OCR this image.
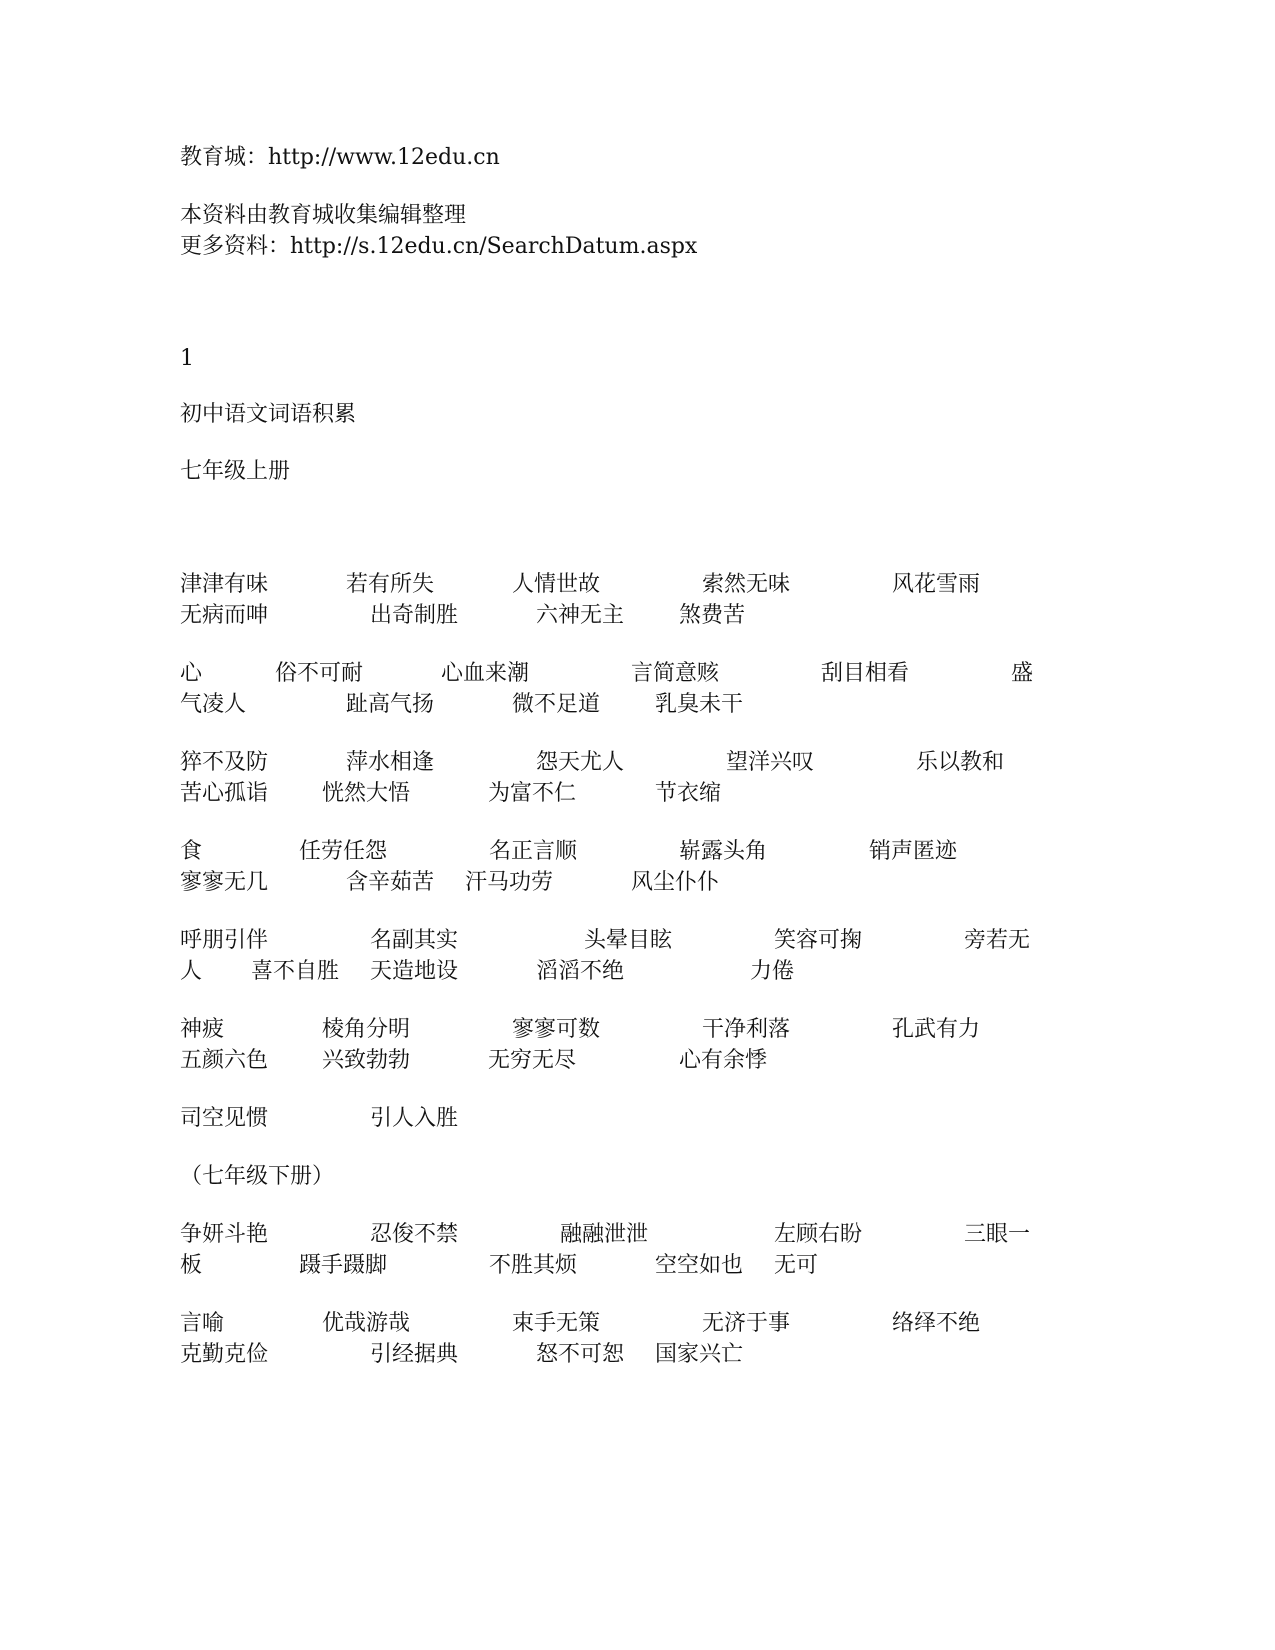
教育城：http://www.12edu.cn
本资料由教育城收集编辑整理
更多资料：http://s.12edu.cn/SearchDatum.aspx
1
初中语文词语积累
七年级上册
津津有味	若有所失	人情世故	索然无味	风花雪雨
无病而呻	出奇制胜	六神无主 煞费苦
心	俗不可耐	心血来潮	言简意赅	刮目相看	盛
气凌人	趾高气扬	微不足道 乳臭未干
猝不及防	萍水相逢	怨天尤人	望洋兴叹	乐以教和
苦心孤诣 恍然大悟	为富不仁	节衣缩
食	任劳任怨	名正言顺	崭露头角	销声匿迹
寥寥无几	含辛茹苦 汗马功劳	风尘仆仆
呼朋引伴	名副其实	头晕目眩	笑容可掬	旁若无
人 喜不自胜 天造地设	滔滔不绝	力倦
神疲	棱角分明	寥寥可数	干净利落	孔武有力
五颜六色 兴致勃勃	无穷无尽	心有余悸
司空见惯	引人入胜
（七年级下册）
争妍斗艳	忍俊不禁	融融泄泄	左顾右盼	三眼一
板	蹑手蹑脚	不胜其烦	空空如也 无可
言喻	优哉游哉	束手无策	无济于事	络绎不绝
克勤克俭	引经据典	怒不可恕 国家兴亡
